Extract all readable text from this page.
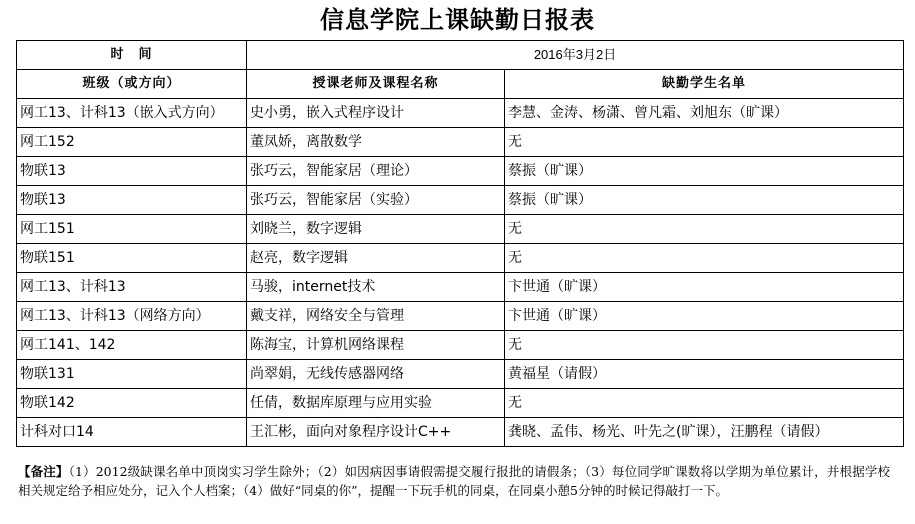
信息学院上课缺勤日报表
时　间	2016年3月2日	
班级（或方向）	授课老师及课程名称	缺勤学生名单
网工13、计科13（嵌入式方向）	史小勇，嵌入式程序设计	李慧、金涛、杨潇、曾凡霜、刘旭东（旷课）
网工152	董凤娇，离散数学	无
物联13	张巧云，智能家居（理论）	蔡振（旷课）
物联13	张巧云，智能家居（实验）	蔡振（旷课）
网工151	刘晓兰，数字逻辑	无
物联151	赵亮，数字逻辑	无
网工13、计科13	马骏，internet技术	卞世通（旷课）
网工13、计科13（网络方向）	戴支祥，网络安全与管理	卞世通（旷课）
网工141、142	陈海宝，计算机网络课程	无
物联131	尚翠娟，无线传感器网络	黄福星（请假）
物联142	任倩，数据库原理与应用实验	无
计科对口14	王汇彬，面向对象程序设计C++	龚晓、孟伟、杨光、叶先之(旷课），汪鹏程（请假）
【备注】（1）2012级缺课名单中顶岗实习学生除外；（2）如因病因事请假需提交履行报批的请假条；（3）每位同学旷课数将以学期为单位累计，并根据学校相关规定给予相应处分，记入个人档案；（4）做好“同桌的你”，提醒一下玩手机的同桌，在同桌小憩5分钟的时候记得敲打一下。
